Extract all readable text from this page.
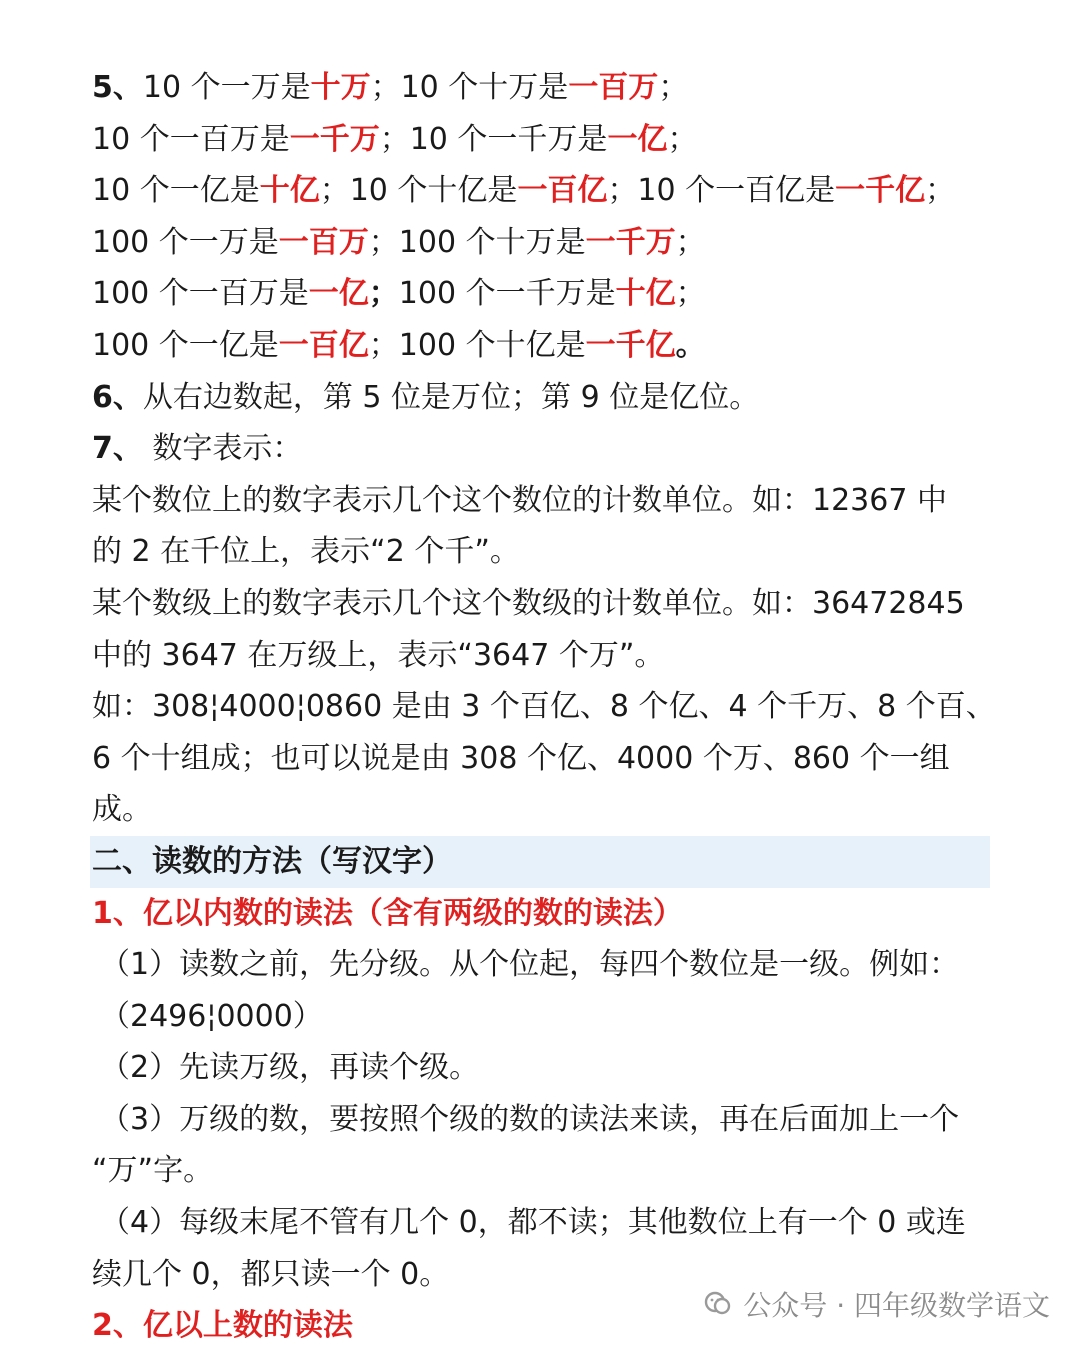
5、10 个一万是十万；10 个十万是一百万；
10 个一百万是一千万；10 个一千万是一亿；
10 个一亿是十亿；10 个十亿是一百亿；10 个一百亿是一千亿；
100 个一万是一百万；100 个十万是一千万；
100 个一百万是一亿；100 个一千万是十亿；
100 个一亿是一百亿；100 个十亿是一千亿。
6、从右边数起，第 5 位是万位；第 9 位是亿位。
7、 数字表示：
某个数位上的数字表示几个这个数位的计数单位。如：12367 中
的 2 在千位上，表示“2 个千”。
某个数级上的数字表示几个这个数级的计数单位。如：36472845
中的 3647 在万级上，表示“3647 个万”。
如：308¦4000¦0860 是由 3 个百亿、8 个亿、4 个千万、8 个百、
6 个十组成；也可以说是由 308 个亿、4000 个万、860 个一组
成。
二、读数的方法（写汉字）
1、亿以内数的读法（含有两级的数的读法）
（1）读数之前，先分级。从个位起，每四个数位是一级。例如：
（2496¦0000）
（2）先读万级，再读个级。
（3）万级的数，要按照个级的数的读法来读，再在后面加上一个
“万”字。
（4）每级末尾不管有几个 0，都不读；其他数位上有一个 0 或连
续几个 0，都只读一个 0。
2、亿以上数的读法
公众号 · 四年级数学语文
